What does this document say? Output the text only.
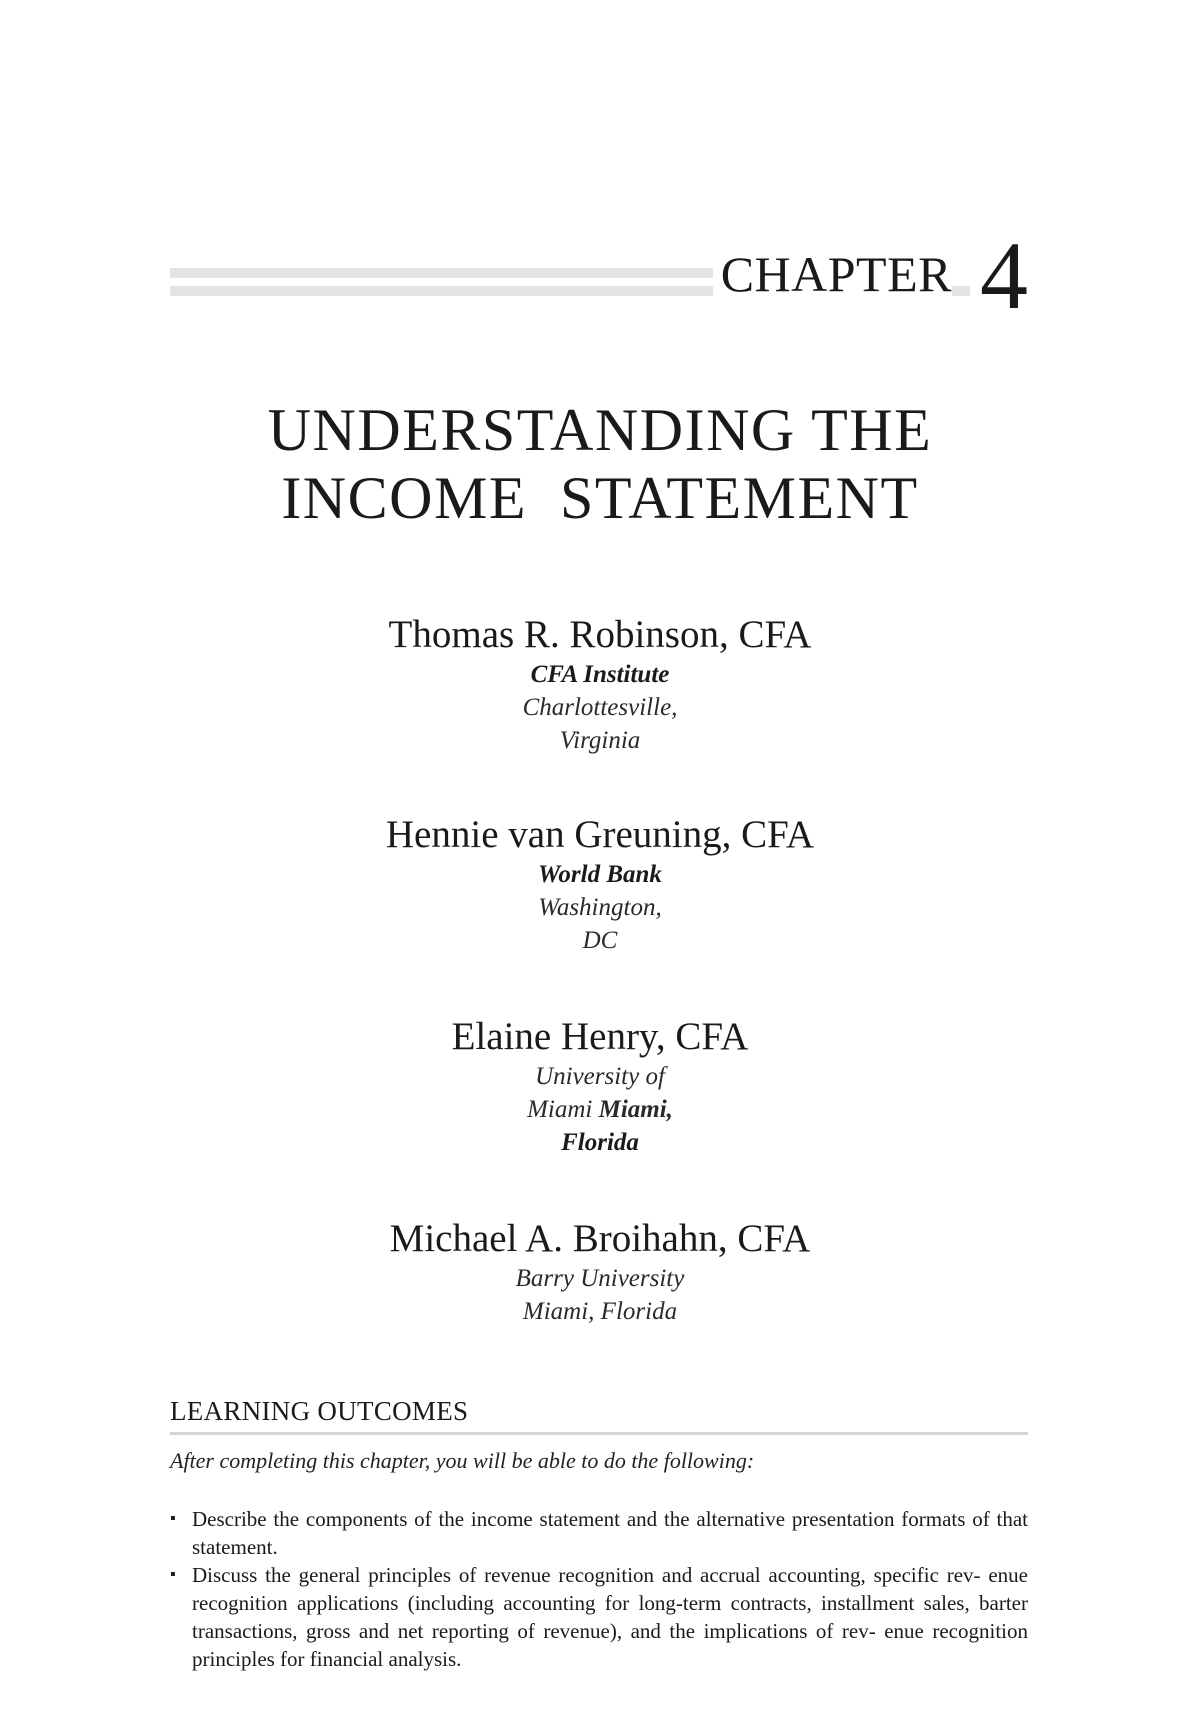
CHAPTER 4
UNDERSTANDING THE
INCOME  STATEMENT
Thomas R. Robinson, CFA
CFA Institute
Charlottesville,
Virginia
Hennie van Greuning, CFA
World Bank
Washington,
DC
Elaine Henry, CFA
University of
Miami Miami,
Florida
Michael A. Broihahn, CFA
Barry University
Miami, Florida
LEARNING OUTCOMES
After completing this chapter, you will be able to do the following:
▪ Describe the components of the income statement and the alternative presentation formats of that statement.
▪ Discuss the general principles of revenue recognition and accrual accounting, specific rev- enue recognition applications (including accounting for long-term contracts, installment sales, barter transactions, gross and net reporting of revenue), and the implications of rev- enue recognition principles for financial analysis.
